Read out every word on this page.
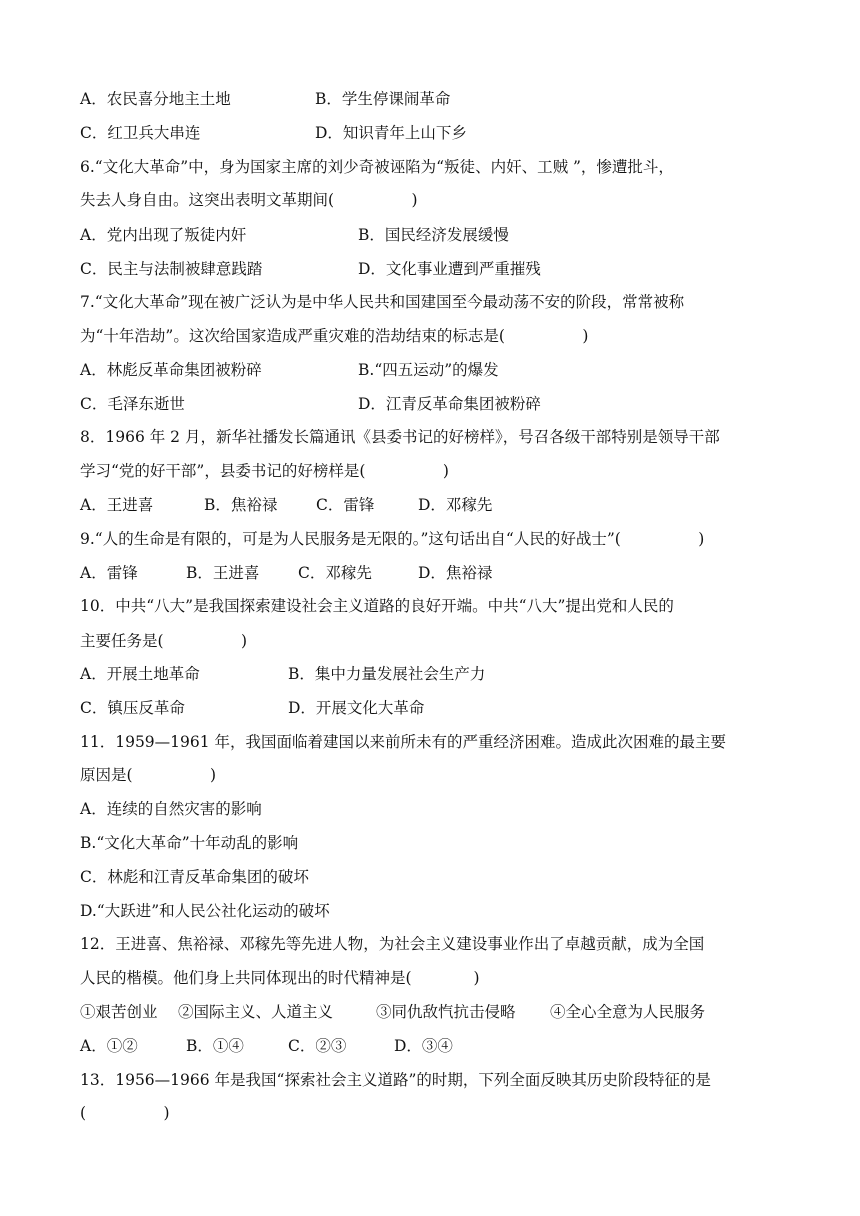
A．农民喜分地主土地	B．学生停课闹革命
C．红卫兵大串连	D．知识青年上山下乡
6.“文化大革命”中，身为国家主席的刘少奇被诬陷为“叛徒、内奸、工贼 ”，惨遭批斗，
失去人身自由。这突出表明文革期间(　　　　　)
A．党内出现了叛徒内奸	B．国民经济发展缓慢
C．民主与法制被肆意践踏	D．文化事业遭到严重摧残
7.“文化大革命”现在被广泛认为是中华人民共和国建国至今最动荡不安的阶段，常常被称
为“十年浩劫”。这次给国家造成严重灾难的浩劫结束的标志是(　　　　　)
A．林彪反革命集团被粉碎	B.“四五运动”的爆发
C．毛泽东逝世	D．江青反革命集团被粉碎
8．1966 年 2 月，新华社播发长篇通讯《县委书记的好榜样》，号召各级干部特别是领导干部
学习“党的好干部”，县委书记的好榜样是(　　　　　)
A．王进喜	B．焦裕禄 C．雷锋	D．邓稼先
9.“人的生命是有限的，可是为人民服务是无限的。”这句话出自“人民的好战士”(　　　　　)
A．雷锋	B．王进喜 C．邓稼先	D．焦裕禄
10．中共“八大”是我国探索建设社会主义道路的良好开端。中共“八大”提出党和人民的
主要任务是(　　　　　)
A．开展土地革命	B．集中力量发展社会生产力
C．镇压反革命	D．开展文化大革命
11．1959—1961 年，我国面临着建国以来前所未有的严重经济困难。造成此次困难的最主要
原因是(　　　　　)
A．连续的自然灾害的影响
B.“文化大革命”十年动乱的影响
C．林彪和江青反革命集团的破坏
D.“大跃进”和人民公社化运动的破坏
12．王进喜、焦裕禄、邓稼先等先进人物，为社会主义建设事业作出了卓越贡献，成为全国
人民的楷模。他们身上共同体现出的时代精神是(　　　　)
①艰苦创业 ②国际主义、人道主义	③同仇敌忾抗击侵略 ④全心全意为人民服务
A．①②	B．①④	C．②③	D．③④
13．1956—1966 年是我国“探索社会主义道路”的时期，下列全面反映其历史阶段特征的是
(　　　　　)
